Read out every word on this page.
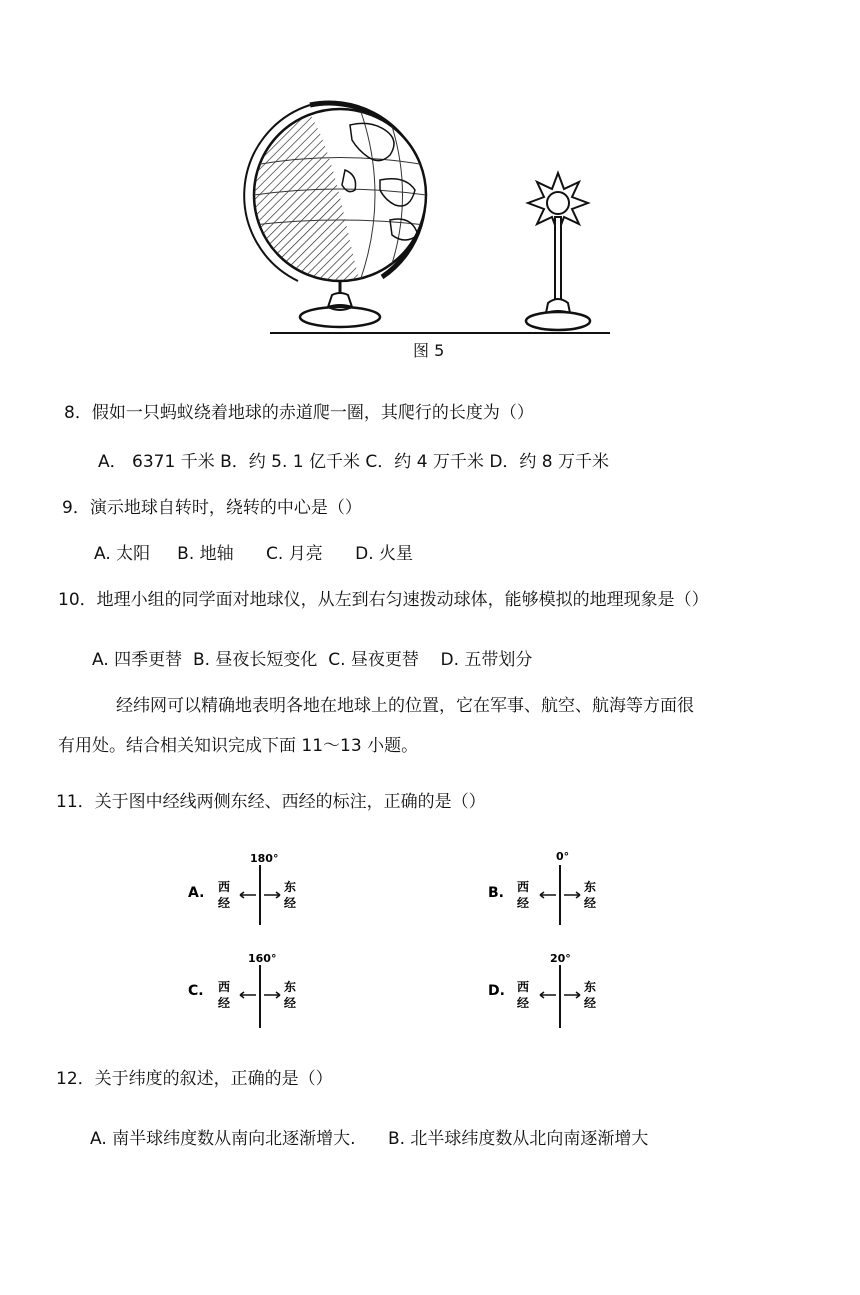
图 5
8．假如一只蚂蚁绕着地球的赤道爬一圈，其爬行的长度为（）
A． 6371 千米 B．约 5. 1 亿千米 C．约 4 万千米 D．约 8 万千米
9．演示地球自转时，绕转的中心是（）
A. 太阳     B. 地轴      C. 月亮      D. 火星
10．地理小组的同学面对地球仪，从左到右匀速拨动球体，能够模拟的地理现象是（）
A. 四季更替  B. 昼夜长短变化  C. 昼夜更替    D. 五带划分
经纬网可以精确地表明各地在地球上的位置，它在军事、航空、航海等方面很
有用处。结合相关知识完成下面 11～13 小题。
11．关于图中经线两侧东经、西经的标注，正确的是（）
A.
180°
西
经
东
经
B.
0°
西
经
东
经
C.
160°
西
经
东
经
D.
20°
西
经
东
经
12．关于纬度的叙述，正确的是（）
A. 南半球纬度数从南向北逐渐增大.      B. 北半球纬度数从北向南逐渐增大
